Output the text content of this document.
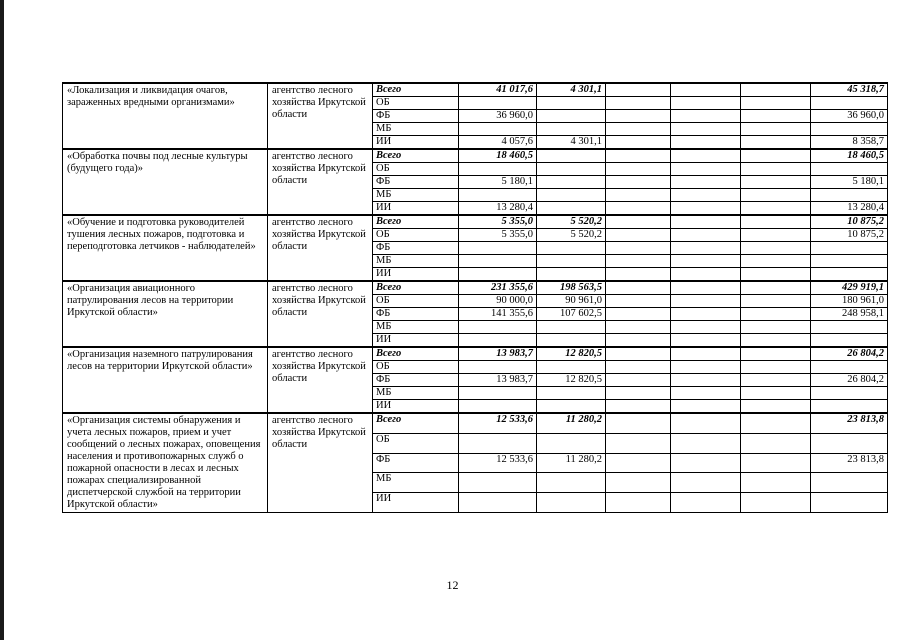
«Локализация и ликвидация очагов, зараженных вредными организмами»	агентство лесного хозяйства Иркутской области	Всего	41 017,6	4 301,1				45 318,7
		ОБ						
		ФБ	36 960,0					36 960,0
		МБ						
		ИИ	4 057,6	4 301,1				8 358,7
«Обработка почвы под лесные культуры (будущего года)»	агентство лесного хозяйства Иркутской области	Всего	18 460,5					18 460,5
		ОБ						
		ФБ	5 180,1					5 180,1
		МБ						
		ИИ	13 280,4					13 280,4
«Обучение и подготовка руководителей тушения лесных пожаров, подготовка и переподготовка летчиков - наблюдателей»	агентство лесного хозяйства Иркутской области	Всего	5 355,0	5 520,2				10 875,2
		ОБ	5 355,0	5 520,2				10 875,2
		ФБ						
		МБ						
		ИИ						
«Организация авиационного патрулирования лесов на территории Иркутской области»	агентство лесного хозяйства Иркутской области	Всего	231 355,6	198 563,5				429 919,1
		ОБ	90 000,0	90 961,0				180 961,0
		ФБ	141 355,6	107 602,5				248 958,1
		МБ						
		ИИ						
«Организация наземного патрулирования лесов на территории Иркутской области»	агентство лесного хозяйства Иркутской области	Всего	13 983,7	12 820,5				26 804,2
		ОБ						
		ФБ	13 983,7	12 820,5				26 804,2
		МБ						
		ИИ						
«Организация системы обнаружения и учета лесных пожаров, прием и учет сообщений о лесных пожарах, оповещения населения и противопожарных служб о пожарной опасности в лесах и лесных пожарах специализированной диспетчерской службой на территории Иркутской области»	агентство лесного хозяйства Иркутской области	Всего	12 533,6	11 280,2				23 813,8
		ОБ						
		ФБ	12 533,6	11 280,2				23 813,8
		МБ						
		ИИ						
12
